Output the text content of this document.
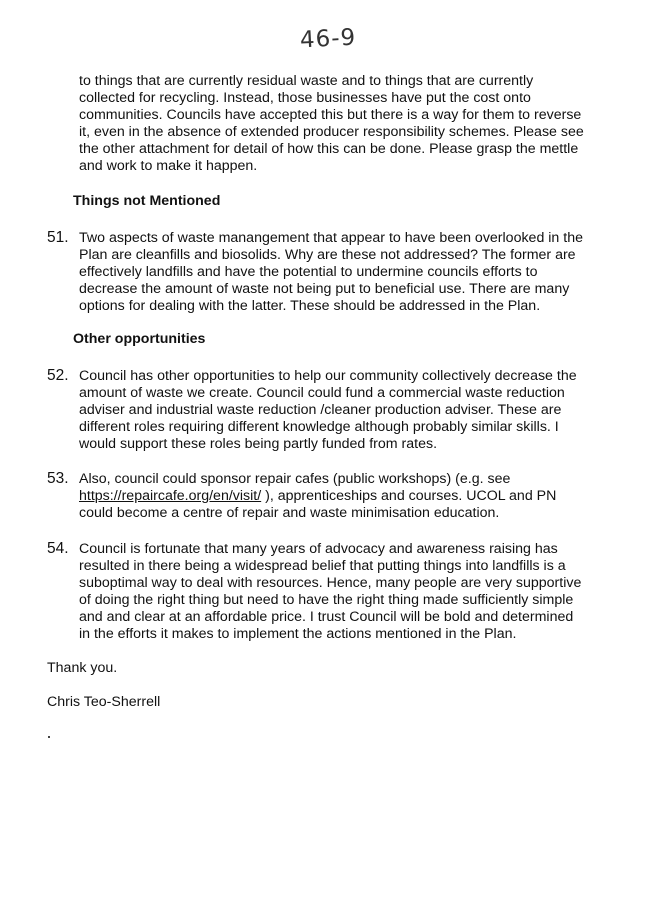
46-9
to things that are currently residual waste and to things that are currently
collected for recycling. Instead, those businesses have put the cost onto
communities. Councils have accepted this but there is a way for them to reverse
it, even in the absence of extended producer responsibility schemes. Please see
the other attachment for detail of how this can be done. Please grasp the mettle
and work to make it happen.
Things not Mentioned
51. Two aspects of waste manangement that appear to have been overlooked in the
Plan are cleanfills and biosolids. Why are these not addressed? The former are
effectively landfills and have the potential to undermine councils efforts to
decrease the amount of waste not being put to beneficial use. There are many
options for dealing with the latter. These should be addressed in the Plan.
Other opportunities
52. Council has other opportunities to help our community collectively decrease the
amount of waste we create. Council could fund a commercial waste reduction
adviser and industrial waste reduction /cleaner production adviser. These are
different roles requiring different knowledge although probably similar skills. I
would support these roles being partly funded from rates.
53. Also, council could sponsor repair cafes (public workshops) (e.g. see
https://repaircafe.org/en/visit/ ), apprenticeships and courses. UCOL and PN
could become a centre of repair and waste minimisation education.
54. Council is fortunate that many years of advocacy and awareness raising has
resulted in there being a widespread belief that putting things into landfills is a
suboptimal way to deal with resources. Hence, many people are very supportive
of doing the right thing but need to have the right thing made sufficiently simple
and and clear at an affordable price. I trust Council will be bold and determined
in the efforts it makes to implement the actions mentioned in the Plan.
Thank you.
Chris Teo-Sherrell
